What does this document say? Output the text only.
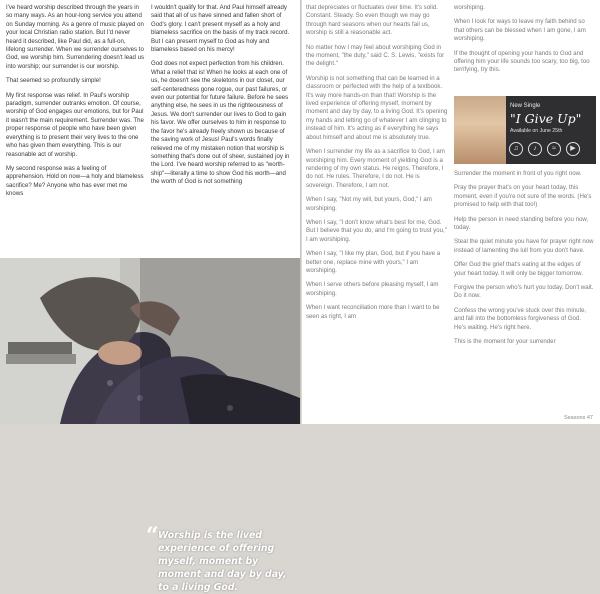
I've heard worship described through the years in so many ways. As an hour-long service you attend on Sunday morning. As a genre of music played on your local Christian radio station. But I'd never heard it described, like Paul did, as a full-on, lifelong surrender. When we surrender ourselves to God, we worship him. Surrendering doesn't lead us into worship; our surrender is our worship.

That seemed so profoundly simple!

My first response was relief. In Paul's worship paradigm, surrender outranks emotion. Of course, worship of God engages our emotions, but for Paul it wasn't the main requirement. Surrender was. The proper response of people who have been given everything is to present their very lives to the one who has given them everything. This is our reasonable act of worship.

My second response was a feeling of apprehension. Hold on now—a holy and blameless sacrifice? Me? Anyone who has ever met me knows

I wouldn't qualify for that. And Paul himself already said that all of us have sinned and fallen short of God's glory. I can't present myself as a holy and blameless sacrifice on the basis of my track record. But I can present myself to God as holy and blameless based on his mercy!

God does not expect perfection from his children. What a relief that is! When he looks at each one of us, he doesn't see the skeletons in our closet, our self-centeredness gone rogue, our past failures, or even our potential for future failure. Before he sees anything else, he sees in us the righteousness of Jesus. We don't surrender our lives to God to gain his favor. We offer ourselves to him in response to the favor he's already freely shown us because of the saving work of Jesus! Paul's words finally relieved me of my mistaken notion that worship is something that's done out of sheer, sustained joy in the Lord. I've heard worship referred to as "worth-ship"—literally a time to show God his worth—and the worth of God is not something

“ Worship is the lived experience of offering myself, moment by moment and day by day, to a living God.

that depreciates or fluctuates over time. It's solid. Constant. Steady. So even though we may go through hard seasons when our hearts fail us, worship is still a reasonable act.

No matter how I may feel about worshiping God in the moment, "the duty," said C. S. Lewis, "exists for the delight."

Worship is not something that can be learned in a classroom or perfected with the help of a textbook. It's way more hands-on than that! Worship is the lived experience of offering myself, moment by moment and day by day, to a living God. It's opening my hands and letting go of whatever I am clinging to instead of him. It's acting as if everything he says about himself and about me is absolutely true.

When I surrender my life as a sacrifice to God, I am worshiping him. Every moment of yielding God is a rendering of my own status. He reigns. Therefore, I do not. He rules. Therefore, I do not. He is sovereign. Therefore, I am not.

When I say, "Not my will, but yours, God," I am worshiping.

When I say, "I don't know what's best for me, God. But I believe that you do, and I'm going to trust you," I am worshiping.

When I say, "I like my plan, God, but if you have a better one, replace mine with yours," I am worshiping.

When I serve others before pleasing myself, I am worshiping.

When I want reconciliation more than I want to be seen as right, I am

worshiping.

When I look for ways to leave my faith behind so that others can be blessed when I am gone, I am worshiping.

If the thought of opening your hands to God and offering him your life sounds too scary, too big, too terrifying, try this.

New Single
"I Give Up"
Available on June 25th
♫	♪	≈	▶

Surrender the moment in front of you right now.

Pray the prayer that's on your heart today, this moment, even if you're not sure of the words. (He's promised to help with that too!)

Help the person in need standing before you now, today.

Steal the quiet minute you have for prayer right now instead of lamenting the lull from you don't have.

Offer God the grief that's eating at the edges of your heart today. It will only be bigger tomorrow.

Forgive the person who's hurt you today. Don't wait. Do it now.

Confess the wrong you've stuck over this minute, and fall into the bottomless forgiveness of God. He's waiting. He's right here.

This is the moment for your surrender

Seasons 47
